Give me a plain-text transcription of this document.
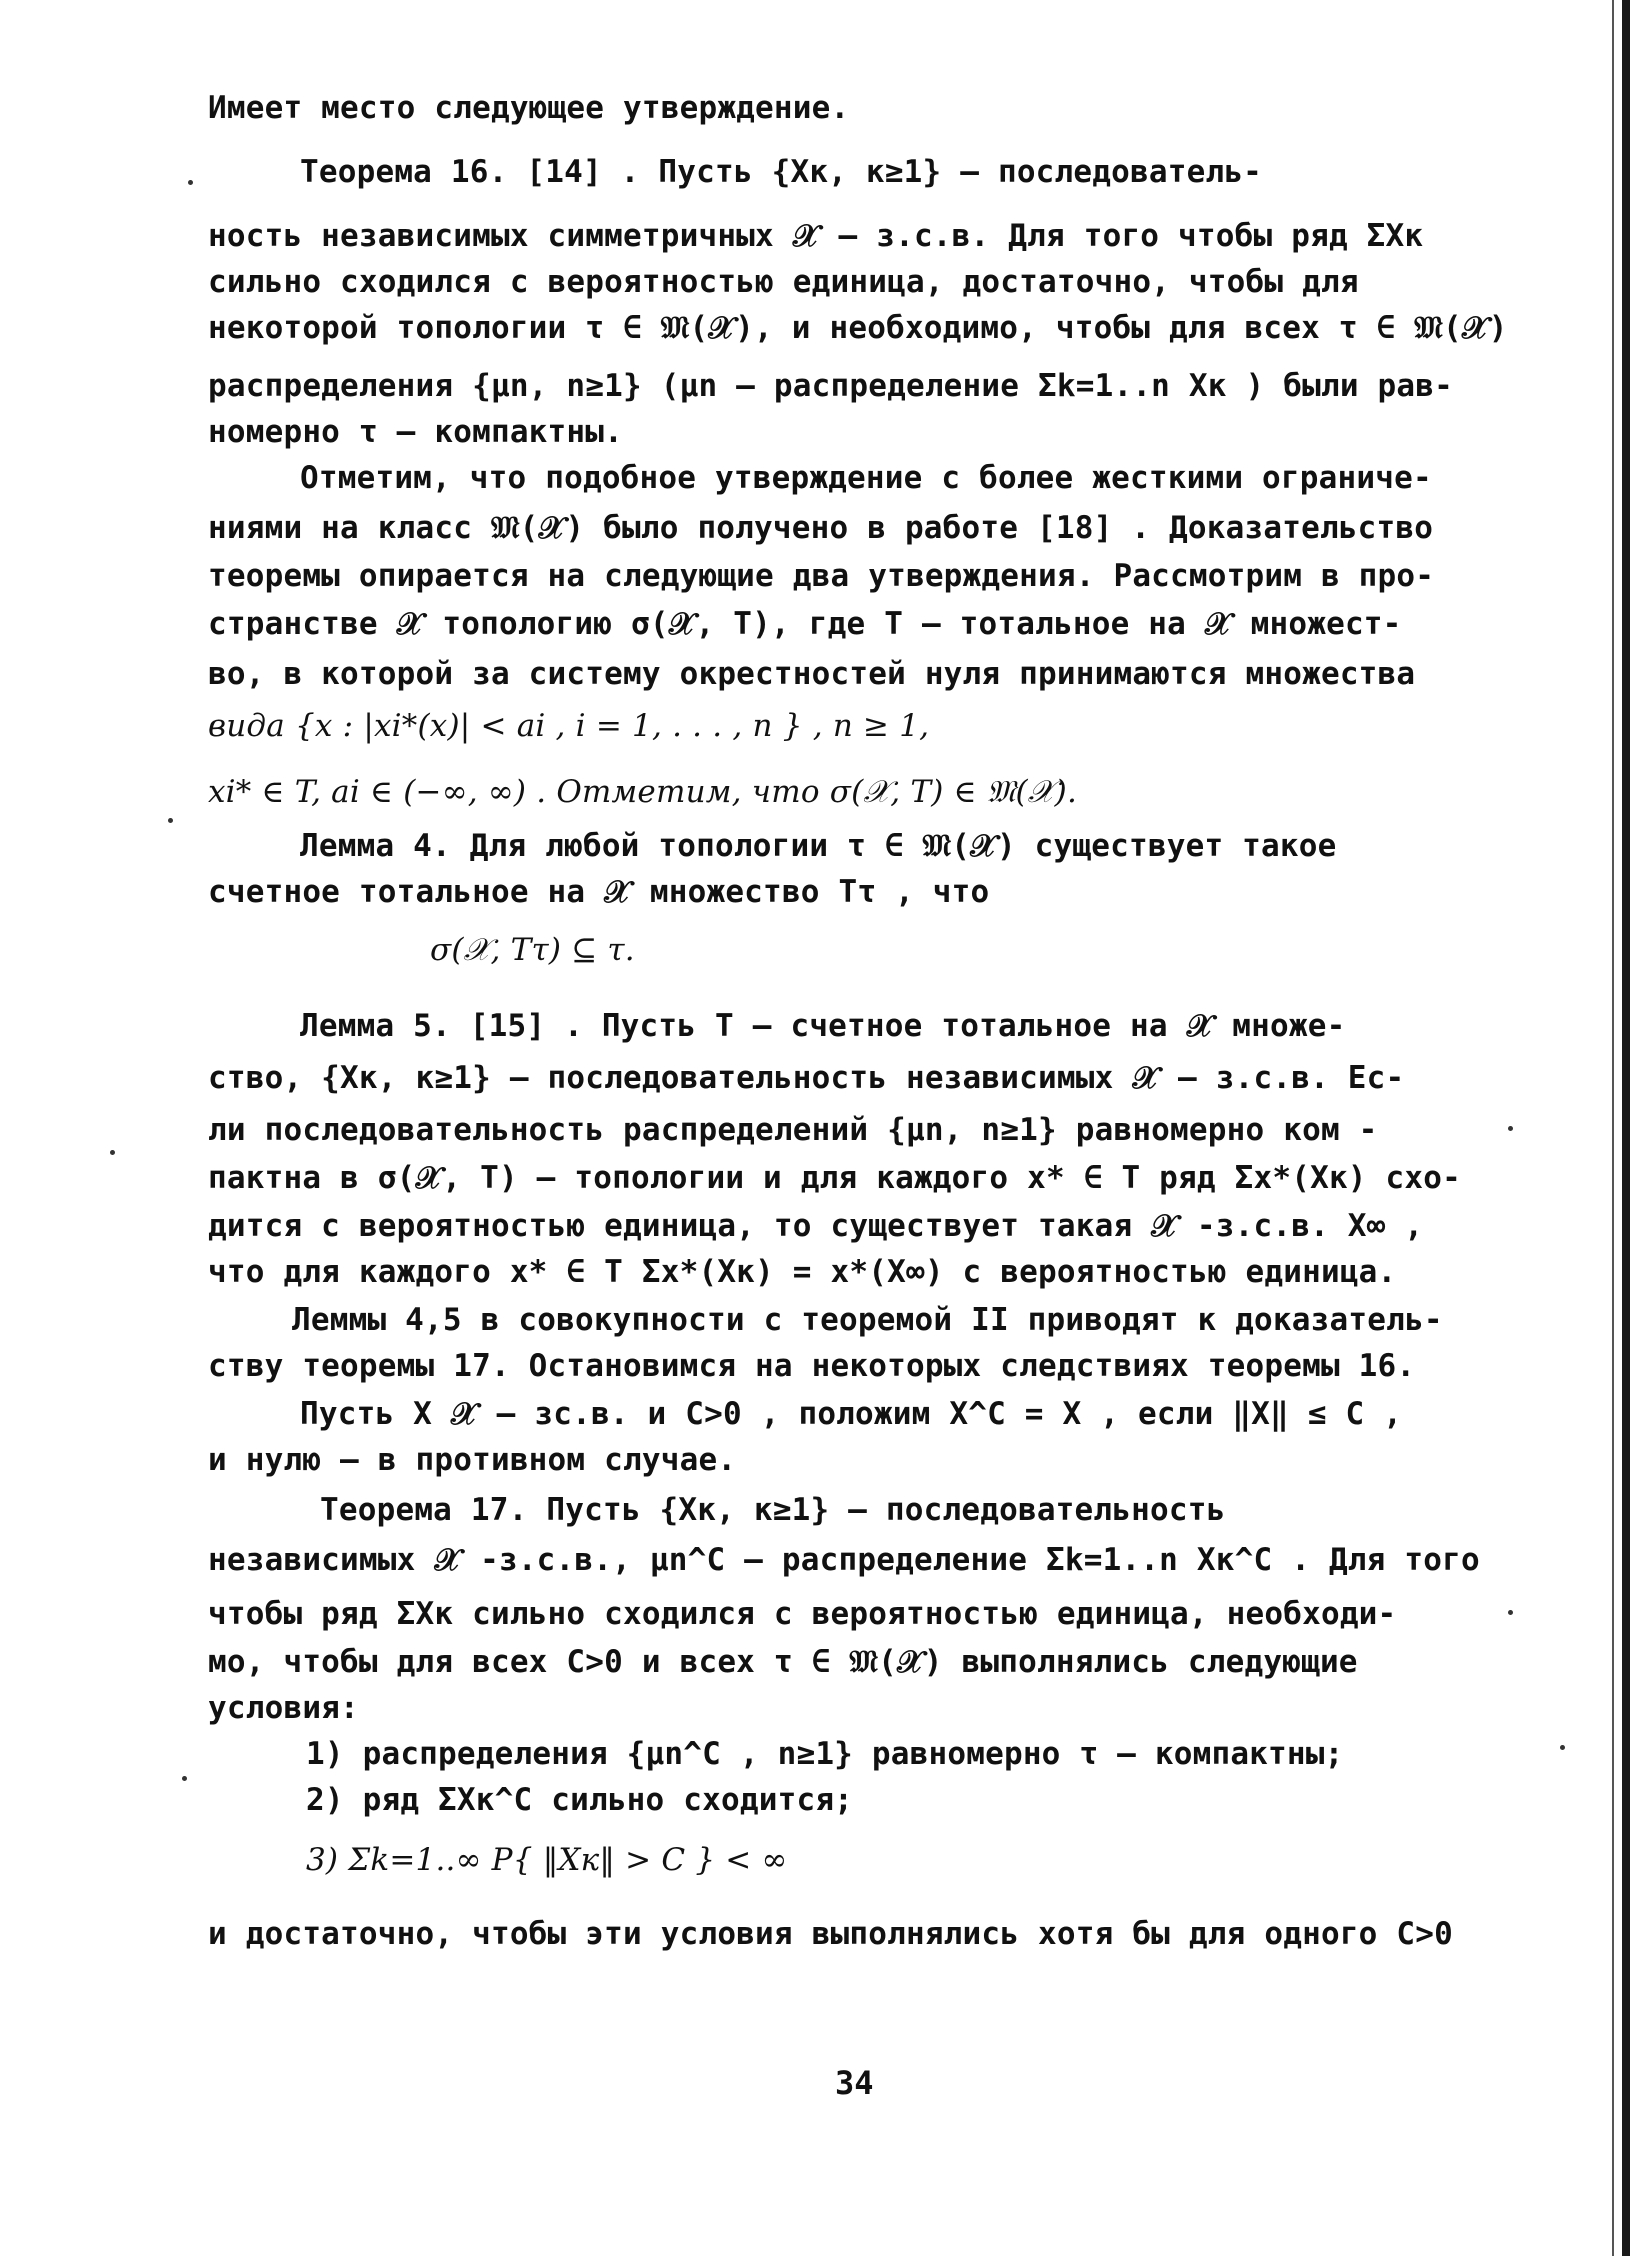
Имеет место следующее утверждение.
Теорема 16. [14] . Пусть {Xк, к≥1} – последователь-
ность независимых симметричных 𝒳 – з.с.в. Для того чтобы ряд ΣXк
сильно сходился с вероятностью единица, достаточно, чтобы для
некоторой топологии τ ∈ 𝔐(𝒳), и необходимо, чтобы для всех τ ∈ 𝔐(𝒳)
распределения {μn, n≥1} (μn – распределение Σk=1..n Xк ) были рав-
номерно τ – компактны.
Отметим, что подобное утверждение с более жесткими ограниче-
ниями на класс 𝔐(𝒳) было получено в работе [18] . Доказательство
теоремы опирается на следующие два утверждения. Рассмотрим в про-
странстве 𝒳 топологию σ(𝒳, T), где T – тотальное на 𝒳 множест-
во, в которой за систему окрестностей нуля принимаются множества
вида {x : |xi*(x)| < ai , i = 1, . . . , n } , n ≥ 1,
xi* ∈ T, ai ∈ (−∞, ∞) . Отметим, что σ(𝒳, T) ∈ 𝔐(𝒳).
Лемма 4. Для любой топологии τ ∈ 𝔐(𝒳) существует такое
счетное тотальное на 𝒳 множество Tτ , что
σ(𝒳, Tτ) ⊆ τ.
Лемма 5. [15] . Пусть T – счетное тотальное на 𝒳 множе-
ство, {Xк, к≥1} – последовательность независимых 𝒳 – з.с.в. Ес-
ли последовательность распределений {μn, n≥1} равномерно ком -
пактна в σ(𝒳, T) – топологии и для каждого x* ∈ T ряд Σx*(Xк) схо-
дится с вероятностью единица, то существует такая 𝒳 -з.с.в. X∞ ,
что для каждого x* ∈ T Σx*(Xк) = x*(X∞) с вероятностью единица.
Леммы 4,5 в совокупности с теоремой II приводят к доказатель-
ству теоремы 17. Остановимся на некоторых следствиях теоремы 16.
Пусть X 𝒳 – зс.в. и C>0 , положим X^C = X , если ‖X‖ ≤ C ,
и нулю – в противном случае.
Теорема 17. Пусть {Xк, к≥1} – последовательность
независимых 𝒳 -з.с.в., μn^C – распределение Σk=1..n Xк^C . Для того
чтобы ряд ΣXк сильно сходился с вероятностью единица, необходи-
мо, чтобы для всех C>0 и всех τ ∈ 𝔐(𝒳) выполнялись следующие
условия:
1) распределения {μn^C , n≥1} равномерно τ – компактны;
2) ряд ΣXк^C сильно сходится;
3) Σk=1..∞ P{ ‖Xк‖ > C } < ∞
и достаточно, чтобы эти условия выполнялись хотя бы для одного C>0
34
